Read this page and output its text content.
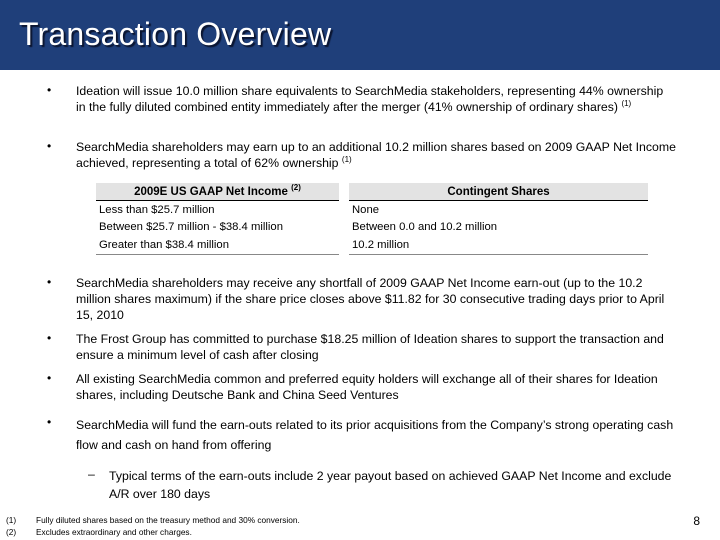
Transaction Overview
• Ideation will issue 10.0 million share equivalents to SearchMedia stakeholders, representing 44% ownership in the fully diluted combined entity immediately after the merger (41% ownership of ordinary shares) $^{(1)}$
• SearchMedia shareholders may earn up to an additional 10.2 million shares based on 2009 GAAP Net Income achieved, representing a total of 62% ownership $^{(1)}$
2009E US GAAP Net Income $^{(2)}$		Contingent Shares
Less than $25.7 million		None
Between $25.7 million - $38.4 million		Between 0.0 and 10.2 million
Greater than $38.4 million		10.2 million
• SearchMedia shareholders may receive any shortfall of 2009 GAAP Net Income earn-out (up to the 10.2 million shares maximum) if the share price closes above $11.82 for 30 consecutive trading days prior to April 15, 2010
• The Frost Group has committed to purchase $18.25 million of Ideation shares to support the transaction and ensure a minimum level of cash after closing
• All existing SearchMedia common and preferred equity holders will exchange all of their shares for Ideation shares, including Deutsche Bank and China Seed Ventures
• SearchMedia will fund the earn-outs related to its prior acquisitions from the Company’s strong operating cash flow and cash on hand from offering
– Typical terms of the earn-outs include 2 year payout based on achieved GAAP Net Income and exclude A/R over 180 days
(1) Fully diluted shares based on the treasury method and 30% conversion.
(2) Excludes extraordinary and other charges.
8
